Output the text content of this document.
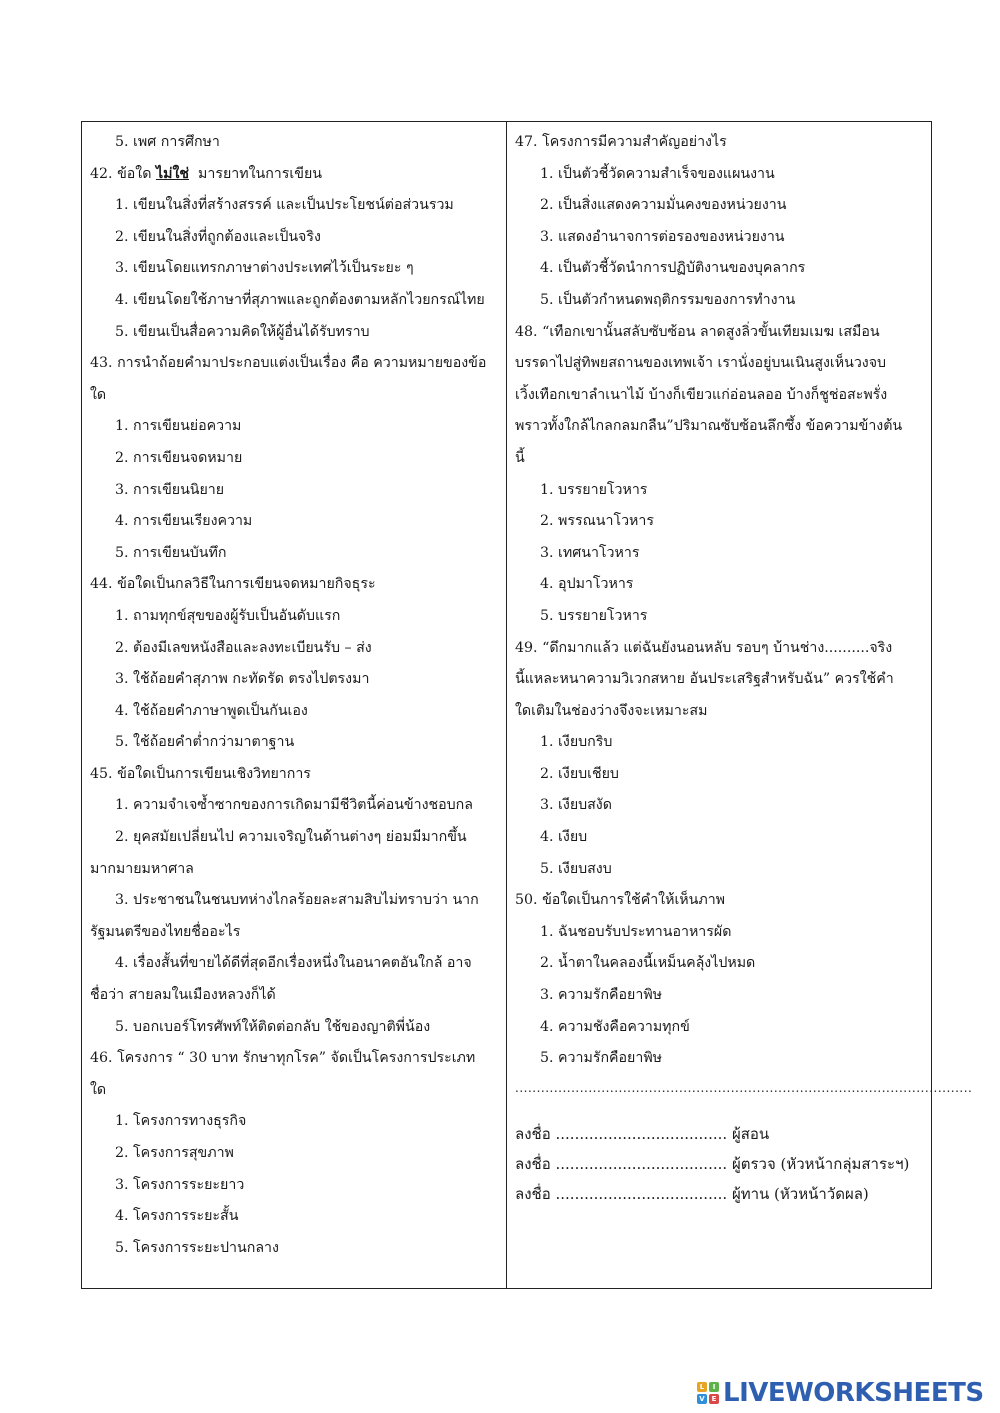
5. เพศ การศึกษา
42. ข้อใด ไม่ใช่  มารยาทในการเขียน
1. เขียนในสิ่งที่สร้างสรรค์ และเป็นประโยชน์ต่อส่วนรวม
2. เขียนในสิ่งที่ถูกต้องและเป็นจริง
3. เขียนโดยแทรกภาษาต่างประเทศไว้เป็นระยะ ๆ
4. เขียนโดยใช้ภาษาที่สุภาพและถูกต้องตามหลักไวยกรณ์ไทย
5. เขียนเป็นสื่อความคิดให้ผู้อื่นได้รับทราบ
43. การนำถ้อยคำมาประกอบแต่งเป็นเรื่อง คือ ความหมายของข้อ
ใด
1. การเขียนย่อความ
2. การเขียนจดหมาย
3. การเขียนนิยาย
4. การเขียนเรียงความ
5. การเขียนบันทึก
44. ข้อใดเป็นกลวิธีในการเขียนจดหมายกิจธุระ
1. ถามทุกข์สุขของผู้รับเป็นอันดับแรก
2. ต้องมีเลขหนังสือและลงทะเบียนรับ – ส่ง
3. ใช้ถ้อยคำสุภาพ กะทัดรัด ตรงไปตรงมา
4. ใช้ถ้อยคำภาษาพูดเป็นกันเอง
5. ใช้ถ้อยคำต่ำกว่ามาตาฐาน
45. ข้อใดเป็นการเขียนเชิงวิทยาการ
1. ความจำเจซ้ำซากของการเกิดมามีชีวิตนี้ค่อนข้างชอบกล
2. ยุคสมัยเปลี่ยนไป ความเจริญในด้านต่างๆ ย่อมมีมากขึ้น
มากมายมหาศาล
3. ประชาชนในชนบทห่างไกลร้อยละสามสิบไม่ทราบว่า นาก
รัฐมนตรีของไทยชื่ออะไร
4. เรื่องสั้นที่ขายได้ดีที่สุดอีกเรื่องหนึ่งในอนาคตอันใกล้ อาจ
ชื่อว่า สายลมในเมืองหลวงก็ได้
5. บอกเบอร์โทรศัพท์ให้ติดต่อกลับ ใช้ของญาติพี่น้อง
46. โครงการ “ 30 บาท รักษาทุกโรค” จัดเป็นโครงการประเภท
ใด
1. โครงการทางธุรกิจ
2. โครงการสุขภาพ
3. โครงการระยะยาว
4. โครงการระยะสั้น
5. โครงการระยะปานกลาง
47. โครงการมีความสำคัญอย่างไร
1. เป็นตัวชี้วัดความสำเร็จของแผนงาน
2. เป็นสิ่งแสดงความมั่นคงของหน่วยงาน
3. แสดงอำนาจการต่อรองของหน่วยงาน
4. เป็นตัวชี้วัดนำการปฏิบัติงานของบุคลากร
5. เป็นตัวกำหนดพฤติกรรมของการทำงาน
48. “เทือกเขานั้นสลับซับซ้อน ลาดสูงลิ่วขั้นเทียมเมฆ เสมือน
บรรดาไปสู่ทิพยสถานของเทพเจ้า เรานั่งอยู่บนเนินสูงเห็นวงจบ
เวิ้งเทือกเขาลำเนาไม้ บ้างก็เขียวแก่อ่อนลออ บ้างก็ชูช่อสะพรั่ง
พราวทั้งใกล้ไกลกลมกลืน”ปริมาณซับซ้อนลึกซึ้ง ข้อความข้างต้น
นี้
1. บรรยายโวหาร
2. พรรณนาโวหาร
3. เทศนาโวหาร
4. อุปมาโวหาร
5. บรรยายโวหาร
49. “ดึกมากแล้ว แต่ฉันยังนอนหลับ รอบๆ บ้านช่าง..........จริง
นี้แหละหนาความวิเวกสหาย อันประเสริฐสำหรับฉัน” ควรใช้คำ
ใดเติมในช่องว่างจึงจะเหมาะสม
1. เงียบกริบ
2. เงียบเชียบ
3. เงียบสงัด
4. เงียบ
5. เงียบสงบ
50. ข้อใดเป็นการใช้คำให้เห็นภาพ
1. ฉันชอบรับประทานอาหารผัด
2. น้ำตาในคลองนี้เหม็นคลุ้งไปหมด
3. ความรักคือยาพิษ
4. ความชังคือความทุกข์
5. ความรักคือยาพิษ
..........................................................................................................
ลงชื่อ .................................... ผู้สอน
ลงชื่อ .................................... ผู้ตรวจ (หัวหน้ากลุ่มสาระฯ)
ลงชื่อ .................................... ผู้ทาน (หัวหน้าวัดผล)
L	I
V E LIVEWORKSHEETS
